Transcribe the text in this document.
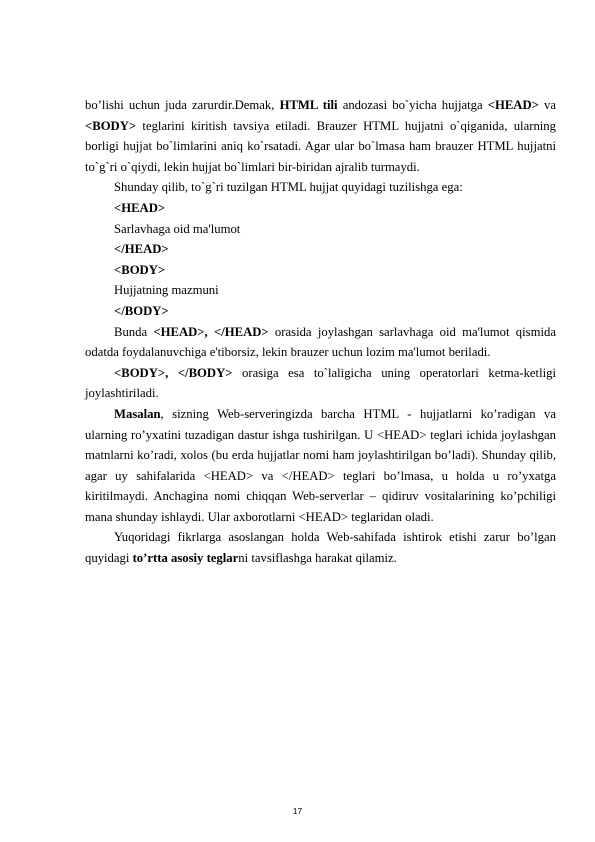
bo’lishi uchun juda zarurdir.Demak, HTML tili andozasi bo`yicha hujjatga <HEAD> va <BODY> teglarini kiritish tavsiya etiladi. Brauzer HTML hujjatni o`qiganida, ularning borligi hujjat bo`limlarini aniq ko`rsatadi. Agar ular bo`lmasa ham brauzer HTML hujjatni to`g`ri o`qiydi, lekin hujjat bo`limlari bir-biridan ajralib turmaydi.

Shunday qilib, to`g`ri tuzilgan HTML hujjat quyidagi tuzilishga ega:

<HEAD>

Sarlavhaga oid ma'lumot

</HEAD>

<BODY>

Hujjatning mazmuni

</BODY>

Bunda <HEAD>, </HEAD> orasida joylashgan sarlavhaga oid ma'lumot qismida odatda foydalanuvchiga e'tiborsiz, lekin brauzer uchun lozim ma'lumot beriladi.

<BODY>, </BODY> orasiga esa to`laligicha uning operatorlari ketma-ketligi joylashtiriladi.

Masalan, sizning Web-serveringizda barcha HTML - hujjatlarni ko’radigan va ularning ro’yxatini tuzadigan dastur ishga tushirilgan. U <HEAD> teglari ichida joylashgan matnlarni ko’radi, xolos (bu erda hujjatlar nomi ham joylashtirilgan bo’ladi). Shunday qilib, agar uy sahifalarida <HEAD> va </HEAD> teglari bo’lmasa, u holda u ro’yxatga kiritilmaydi. Anchagina nomi chiqqan Web-serverlar – qidiruv vositalarining ko’pchiligi mana shunday ishlaydi. Ular axborotlarni <HEAD> teglaridan oladi.

Yuqoridagi fikrlarga asoslangan holda Web-sahifada ishtirok etishi zarur bo’lgan quyidagi to’rtta asosiy teglarni tavsiflashga harakat qilamiz.

17
